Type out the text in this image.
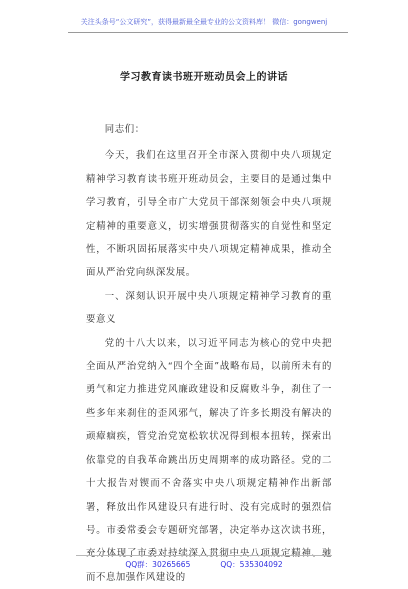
关注头条号“公文研究”，获得最新最全最专业的公文资料库！ 微信：gongwenj
学习教育读书班开班动员会上的讲话

同志们：

今天，我们在这里召开全市深入贯彻中央八项规定精神学习教育读书班开班动员会，主要目的是通过集中学习教育，引导全市广大党员干部深刻领会中央八项规定精神的重要意义，切实增强贯彻落实的自觉性和坚定性，不断巩固拓展落实中央八项规定精神成果，推动全面从严治党向纵深发展。

一、深刻认识开展中央八项规定精神学习教育的重要意义

党的十八大以来，以习近平同志为核心的党中央把全面从严治党纳入“四个全面”战略布局，以前所未有的勇气和定力推进党风廉政建设和反腐败斗争，刹住了一些多年来刹住的歪风邪气，解决了许多长期没有解决的顽瘴痼疾，管党治党宽松软状况得到根本扭转，探索出依靠党的自我革命跳出历史周期率的成功路径。党的二十大报告对锲而不舍落实中央八项规定精神作出新部署，释放出作风建设只有进行时、没有完成时的强烈信号。市委常委会专题研究部署，决定举办这次读书班，充分体现了市委对持续深入贯彻中央八项规定精神、驰而不息加强作风建设的

QQ群：30265665	QQ：535304092
